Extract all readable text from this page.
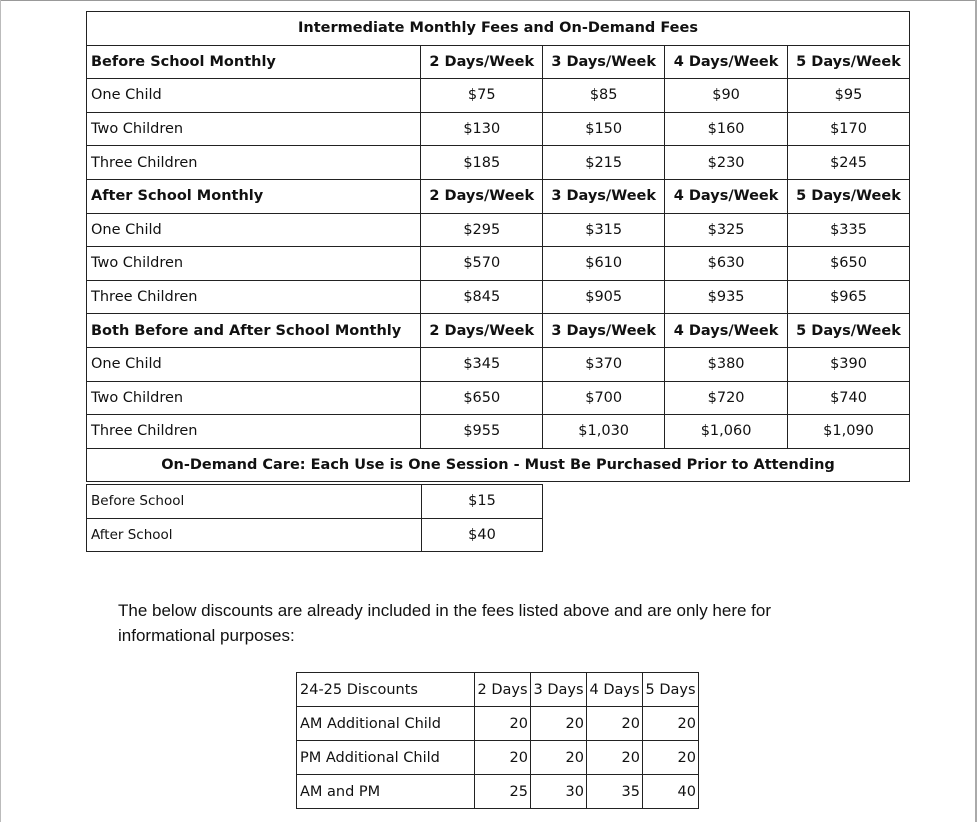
Intermediate Monthly Fees and On-Demand Fees				
Before School Monthly	2 Days/Week	3 Days/Week	4 Days/Week	5 Days/Week
One Child	$75	$85	$90	$95
Two Children	$130	$150	$160	$170
Three Children	$185	$215	$230	$245
After School Monthly	2 Days/Week	3 Days/Week	4 Days/Week	5 Days/Week
One Child	$295	$315	$325	$335
Two Children	$570	$610	$630	$650
Three Children	$845	$905	$935	$965
Both Before and After School Monthly	2 Days/Week	3 Days/Week	4 Days/Week	5 Days/Week
One Child	$345	$370	$380	$390
Two Children	$650	$700	$720	$740
Three Children	$955	$1,030	$1,060	$1,090
On-Demand Care: Each Use is One Session - Must Be Purchased Prior to Attending				
Before School	$15
After School	$40
The below discounts are already included in the fees listed above and are only here for informational purposes:
24-25 Discounts	2 Days	3 Days	4 Days	5 Days
AM Additional Child	20	20	20	20
PM Additional Child	20	20	20	20
AM and PM	25	30	35	40
